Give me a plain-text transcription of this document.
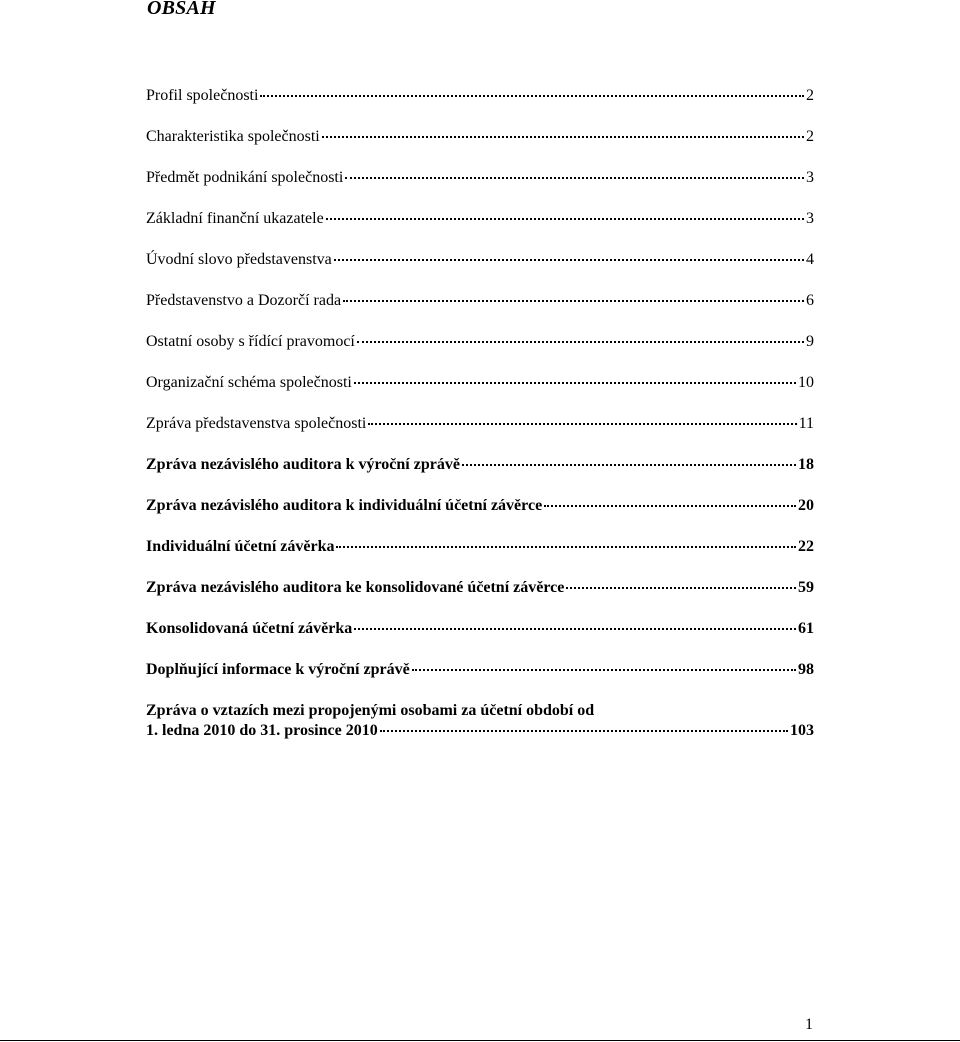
OBSAH
Profil společnosti	2
Charakteristika společnosti	2
Předmět podnikání společnosti	3
Základní finanční ukazatele	3
Úvodní slovo představenstva	4
Představenstvo a Dozorčí rada	6
Ostatní osoby s řídící pravomocí	9
Organizační schéma společnosti	10
Zpráva představenstva společnosti	11
Zpráva nezávislého auditora k výroční zprávě	18
Zpráva nezávislého auditora k individuální účetní závěrce	20
Individuální účetní závěrka	22
Zpráva nezávislého auditora ke konsolidované účetní závěrce	59
Konsolidovaná účetní závěrka	61
Doplňující informace k výroční zprávě	98
Zpráva o vztazích mezi propojenými osobami za účetní období od
1. ledna 2010 do 31. prosince 2010	103
1
